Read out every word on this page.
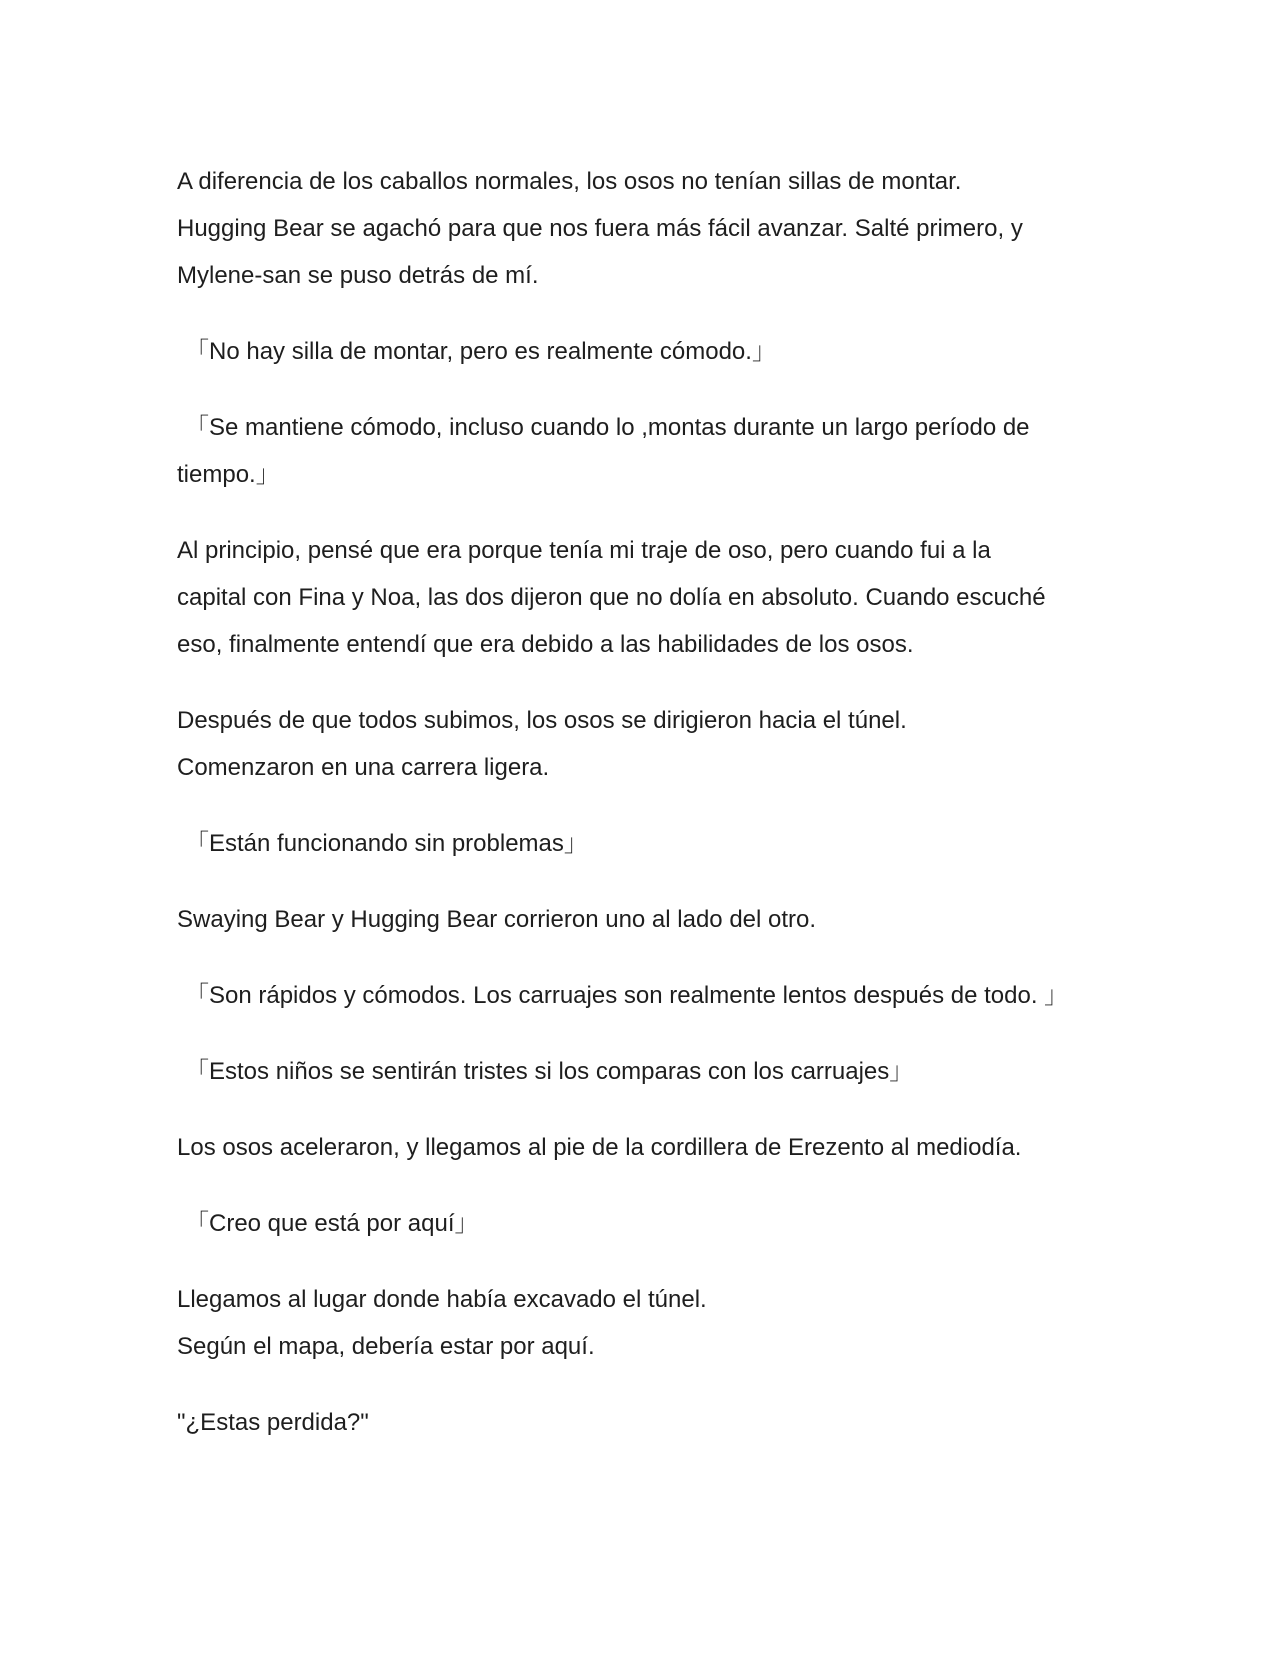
A diferencia de los caballos normales, los osos no tenían sillas de montar.
Hugging Bear se agachó para que nos fuera más fácil avanzar. Salté primero, y
Mylene-san se puso detrás de mí.

「No hay silla de montar, pero es realmente cómodo.」

「Se mantiene cómodo, incluso cuando lo ,montas durante un largo período de
tiempo.」

Al principio, pensé que era porque tenía mi traje de oso, pero cuando fui a la
capital con Fina y Noa, las dos dijeron que no dolía en absoluto. Cuando escuché
eso, finalmente entendí que era debido a las habilidades de los osos.

Después de que todos subimos, los osos se dirigieron hacia el túnel.
Comenzaron en una carrera ligera.

「Están funcionando sin problemas」

Swaying Bear y Hugging Bear corrieron uno al lado del otro.

「Son rápidos y cómodos. Los carruajes son realmente lentos después de todo. 」

「Estos niños se sentirán tristes si los comparas con los carruajes」

Los osos aceleraron, y llegamos al pie de la cordillera de Erezento al mediodía.

「Creo que está por aquí」

Llegamos al lugar donde había excavado el túnel.
Según el mapa, debería estar por aquí.

"¿Estas perdida?"
